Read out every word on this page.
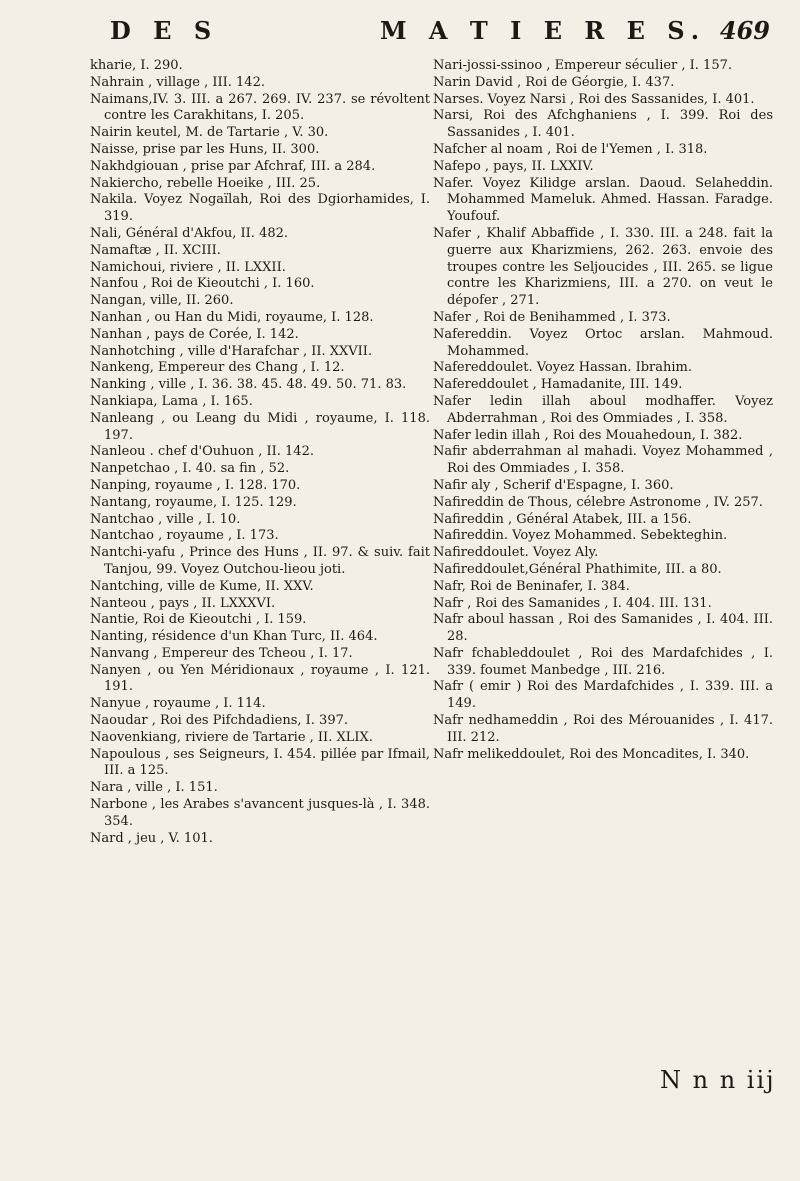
D E S	M A T I E R E S. 469

kharie, I. 290.

Nahrain , village , III. 142.

Naimans,IV. 3. III. a 267. 269. IV. 237. se révoltent contre les Carakhitans, I. 205.

Nairin keutel, M. de Tartarie , V. 30.

Naisse, prise par les Huns, II. 300.

Nakhdgiouan , prise par Afchraf, III. a 284.

Nakiercho, rebelle Hoeike , III. 25.

Nakila. Voyez Nogaïlah, Roi des Dgiorhamides, I. 319.

Nali, Général d'Akfou, II. 482.

Namaftæ , II. XCIII.

Namichoui, riviere , II. LXXII.

Nanfou , Roi de Kieoutchi , I. 160.

Nangan, ville, II. 260.

Nanhan , ou Han du Midi, royaume, I. 128.

Nanhan , pays de Corée, I. 142.

Nanhotching , ville d'Harafchar , II. XXVII.

Nankeng, Empereur des Chang , I. 12.

Nanking , ville , I. 36. 38. 45. 48. 49. 50. 71. 83.

Nankiapa, Lama , I. 165.

Nanleang , ou Leang du Midi , royaume, I. 118. 197.

Nanleou . chef d'Ouhuon , II. 142.

Nanpetchao , I. 40. sa fin , 52.

Nanping, royaume , I. 128. 170.

Nantang, royaume, I. 125. 129.

Nantchao , ville , I. 10.

Nantchao , royaume , I. 173.

Nantchi-yafu , Prince des Huns , II. 97. & suiv. fait Tanjou, 99. Voyez Outchou-lieou joti.

Nantching, ville de Kume, II. XXV.

Nanteou , pays , II. LXXXVI.

Nantie, Roi de Kieoutchi , I. 159.

Nanting, résidence d'un Khan Turc, II. 464.

Nanvang , Empereur des Tcheou , I. 17.

Nanyen , ou Yen Méridionaux , royaume , I. 121. 191.

Nanyue , royaume , I. 114.

Naoudar , Roi des Pifchdadiens, I. 397.

Naovenkiang, riviere de Tartarie , II. XLIX.

Napoulous , ses Seigneurs, I. 454. pillée par Ifmail, III. a 125.

Nara , ville , I. 151.

Narbone , les Arabes s'avancent jusques-là , I. 348. 354.

Nard , jeu , V. 101.

Nari-jossi-ssinoo , Empereur séculier , I. 157.

Narin David , Roi de Géorgie, I. 437.

Narses. Voyez Narsi , Roi des Sassanides, I. 401.

Narsi, Roi des Afchghaniens , I. 399. Roi des Sassanides , I. 401.

Nafcher al noam , Roi de l'Yemen , I. 318.

Nafepo , pays, II. LXXIV.

Nafer. Voyez Kilidge arslan. Daoud. Selaheddin. Mohammed Mameluk. Ahmed. Hassan. Faradge. Youfouf.

Nafer , Khalif Abbaffide , I. 330. III. a 248. fait la guerre aux Kharizmiens, 262. 263. envoie des troupes contre les Seljoucides , III. 265. se ligue contre les Kharizmiens, III. a 270. on veut le dépofer , 271.

Nafer , Roi de Benihammed , I. 373.

Nafereddin. Voyez Ortoc arslan. Mahmoud. Mohammed.

Nafereddoulet. Voyez Hassan. Ibrahim.

Nafereddoulet , Hamadanite, III. 149.

Nafer ledin illah aboul modhaffer. Voyez Abderrahman , Roi des Ommiades , I. 358.

Nafer ledin illah , Roi des Mouahedoun, I. 382.

Nafir abderrahman al mahadi. Voyez Mohammed , Roi des Ommiades , I. 358.

Nafir aly , Scherif d'Espagne, I. 360.

Nafireddin de Thous, célebre Astronome , IV. 257.

Nafireddin , Général Atabek, III. a 156.

Nafireddin. Voyez Mohammed. Sebekteghin.

Nafireddoulet. Voyez Aly.

Nafireddoulet,Général Phathimite, III. a 80.

Nafr, Roi de Beninafer, I. 384.

Nafr , Roi des Samanides , I. 404. III. 131.

Nafr aboul hassan , Roi des Samanides , I. 404. III. 28.

Nafr fchableddoulet , Roi des Mardafchides , I. 339. foumet Manbedge , III. 216.

Nafr ( emir ) Roi des Mardafchides , I. 339. III. a 149.

Nafr nedhameddin , Roi des Mérouanides , I. 417. III. 212.

Nafr melikeddoulet, Roi des Moncadites, I. 340.

N n n iij
